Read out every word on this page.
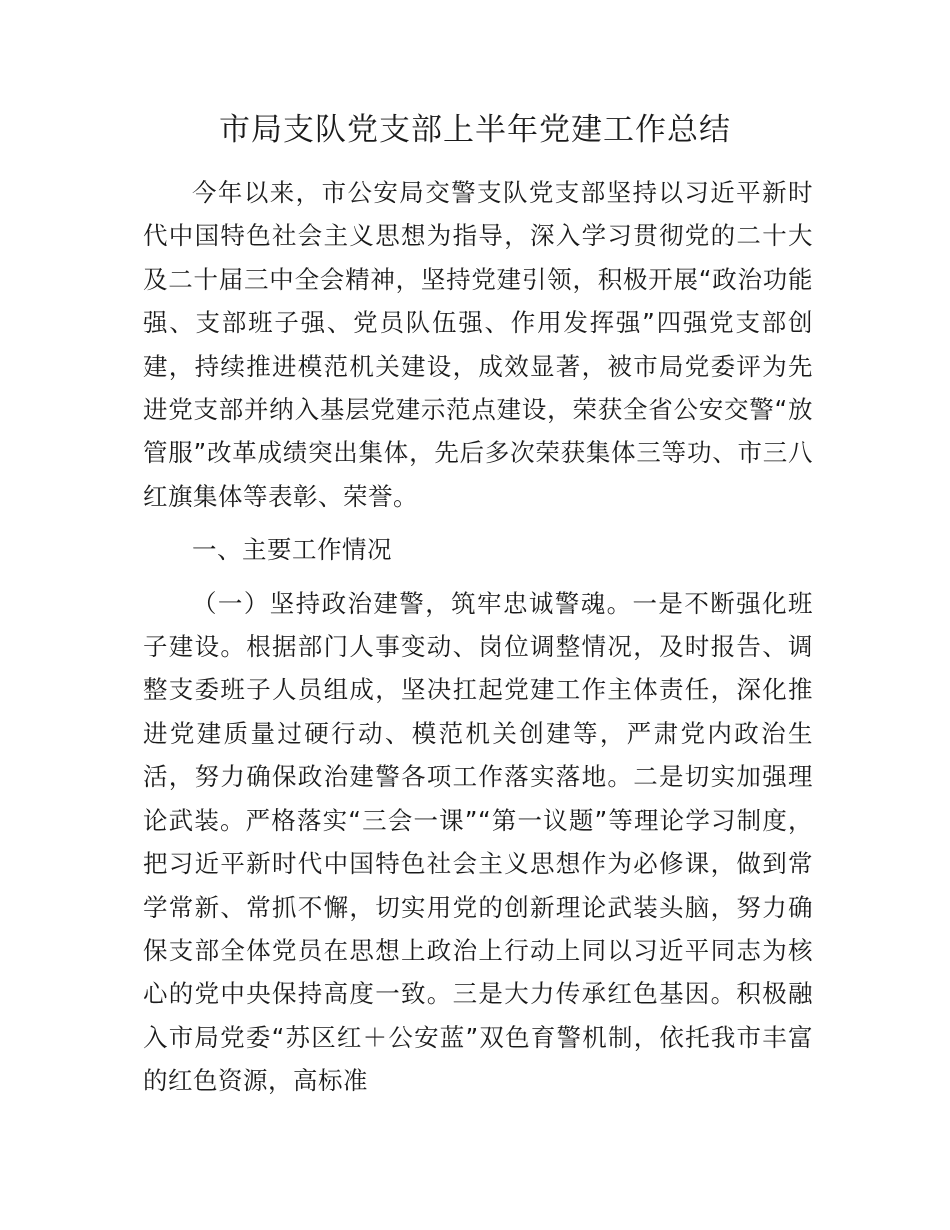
市局支队党支部上半年党建工作总结

今年以来，市公安局交警支队党支部坚持以习近平新时代中国特色社会主义思想为指导，深入学习贯彻党的二十大及二十届三中全会精神，坚持党建引领，积极开展“政治功能强、支部班子强、党员队伍强、作用发挥强”四强党支部创建，持续推进模范机关建设，成效显著，被市局党委评为先进党支部并纳入基层党建示范点建设，荣获全省公安交警“放管服”改革成绩突出集体，先后多次荣获集体三等功、市三八红旗集体等表彰、荣誉。

一、主要工作情况

（一）坚持政治建警，筑牢忠诚警魂。一是不断强化班子建设。根据部门人事变动、岗位调整情况，及时报告、调整支委班子人员组成，坚决扛起党建工作主体责任，深化推进党建质量过硬行动、模范机关创建等，严肃党内政治生活，努力确保政治建警各项工作落实落地。二是切实加强理论武装。严格落实“三会一课”“第一议题”等理论学习制度，把习近平新时代中国特色社会主义思想作为必修课，做到常学常新、常抓不懈，切实用党的创新理论武装头脑，努力确保支部全体党员在思想上政治上行动上同以习近平同志为核心的党中央保持高度一致。三是大力传承红色基因。积极融入市局党委“苏区红＋公安蓝”双色育警机制，依托我市丰富的红色资源，高标准
